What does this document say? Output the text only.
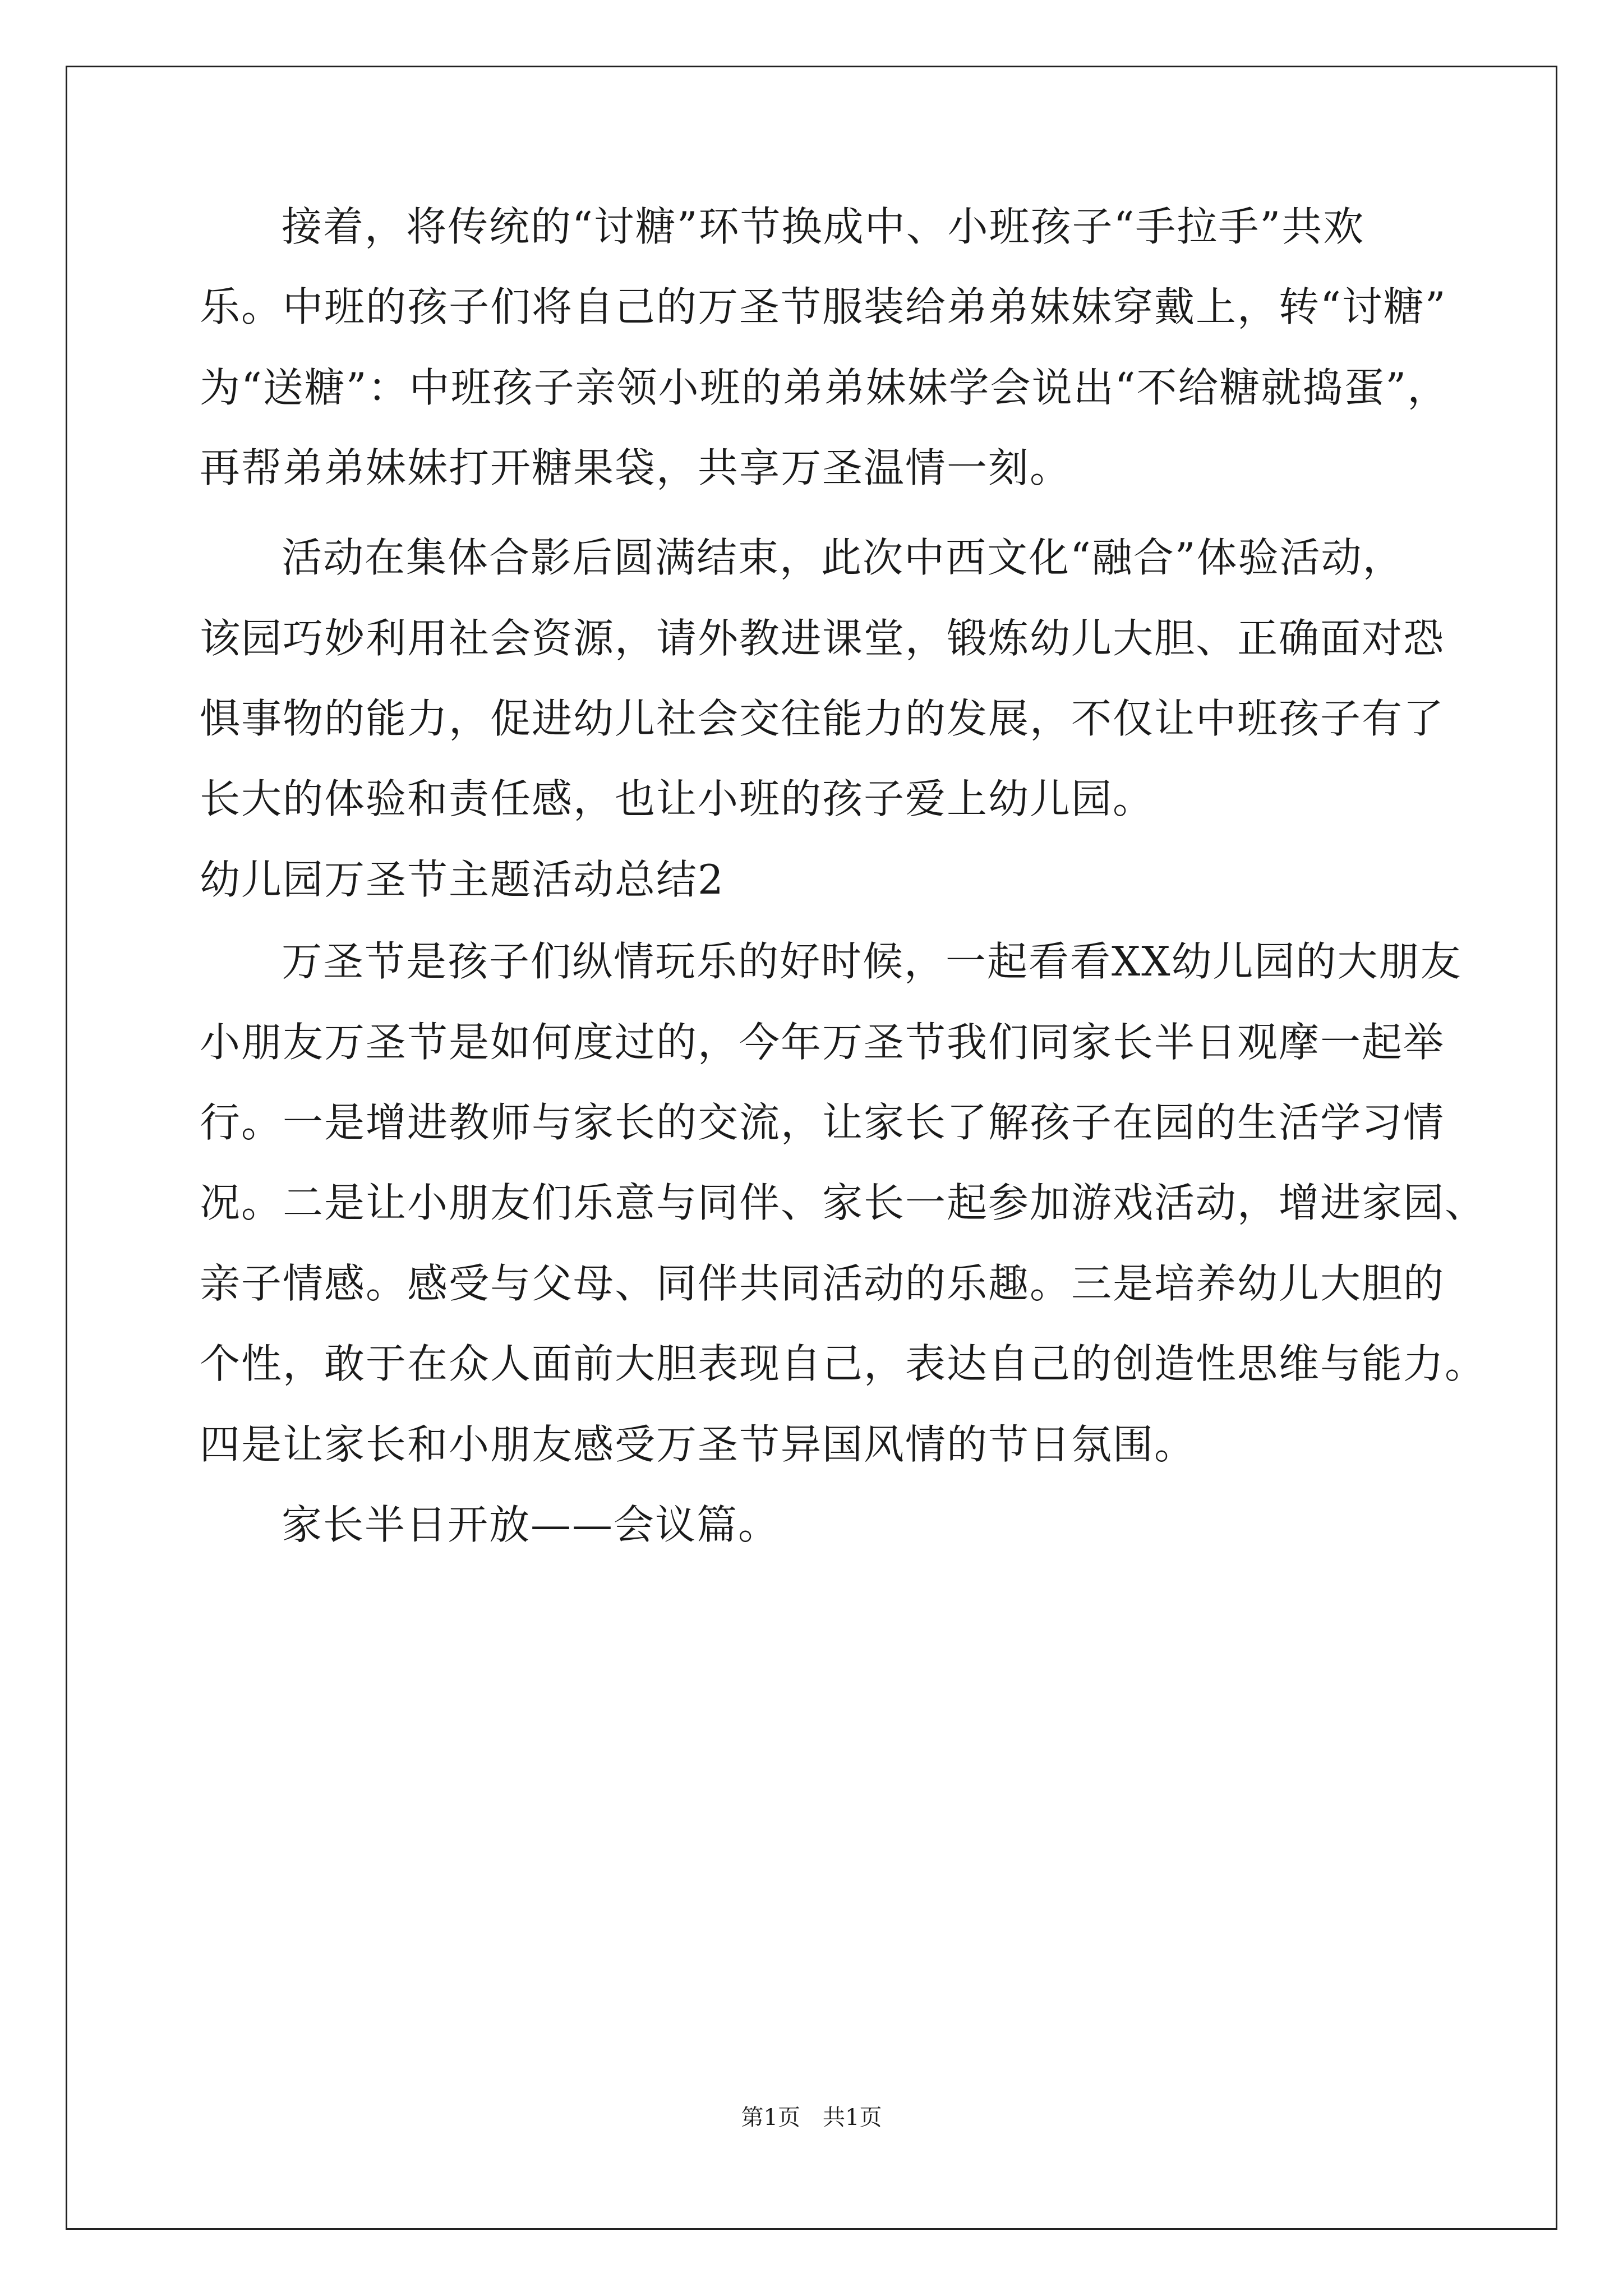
接着，将传统的“讨糖”环节换成中、小班孩子“手拉手”共欢
乐。中班的孩子们将自己的万圣节服装给弟弟妹妹穿戴上，转“讨糖”
为“送糖”：中班孩子亲领小班的弟弟妹妹学会说出“不给糖就捣蛋”，
再帮弟弟妹妹打开糖果袋，共享万圣温情一刻。
活动在集体合影后圆满结束，此次中西文化“融合”体验活动，
该园巧妙利用社会资源，请外教进课堂，锻炼幼儿大胆、正确面对恐
惧事物的能力，促进幼儿社会交往能力的发展，不仅让中班孩子有了
长大的体验和责任感，也让小班的孩子爱上幼儿园。
幼儿园万圣节主题活动总结2
万圣节是孩子们纵情玩乐的好时候，一起看看XX幼儿园的大朋友
小朋友万圣节是如何度过的，今年万圣节我们同家长半日观摩一起举
行。一是增进教师与家长的交流，让家长了解孩子在园的生活学习情
况。二是让小朋友们乐意与同伴、家长一起参加游戏活动，增进家园、
亲子情感。感受与父母、同伴共同活动的乐趣。三是培养幼儿大胆的
个性，敢于在众人面前大胆表现自己，表达自己的创造性思维与能力。
四是让家长和小朋友感受万圣节异国风情的节日氛围。
家长半日开放——会议篇。
第1页　共1页
